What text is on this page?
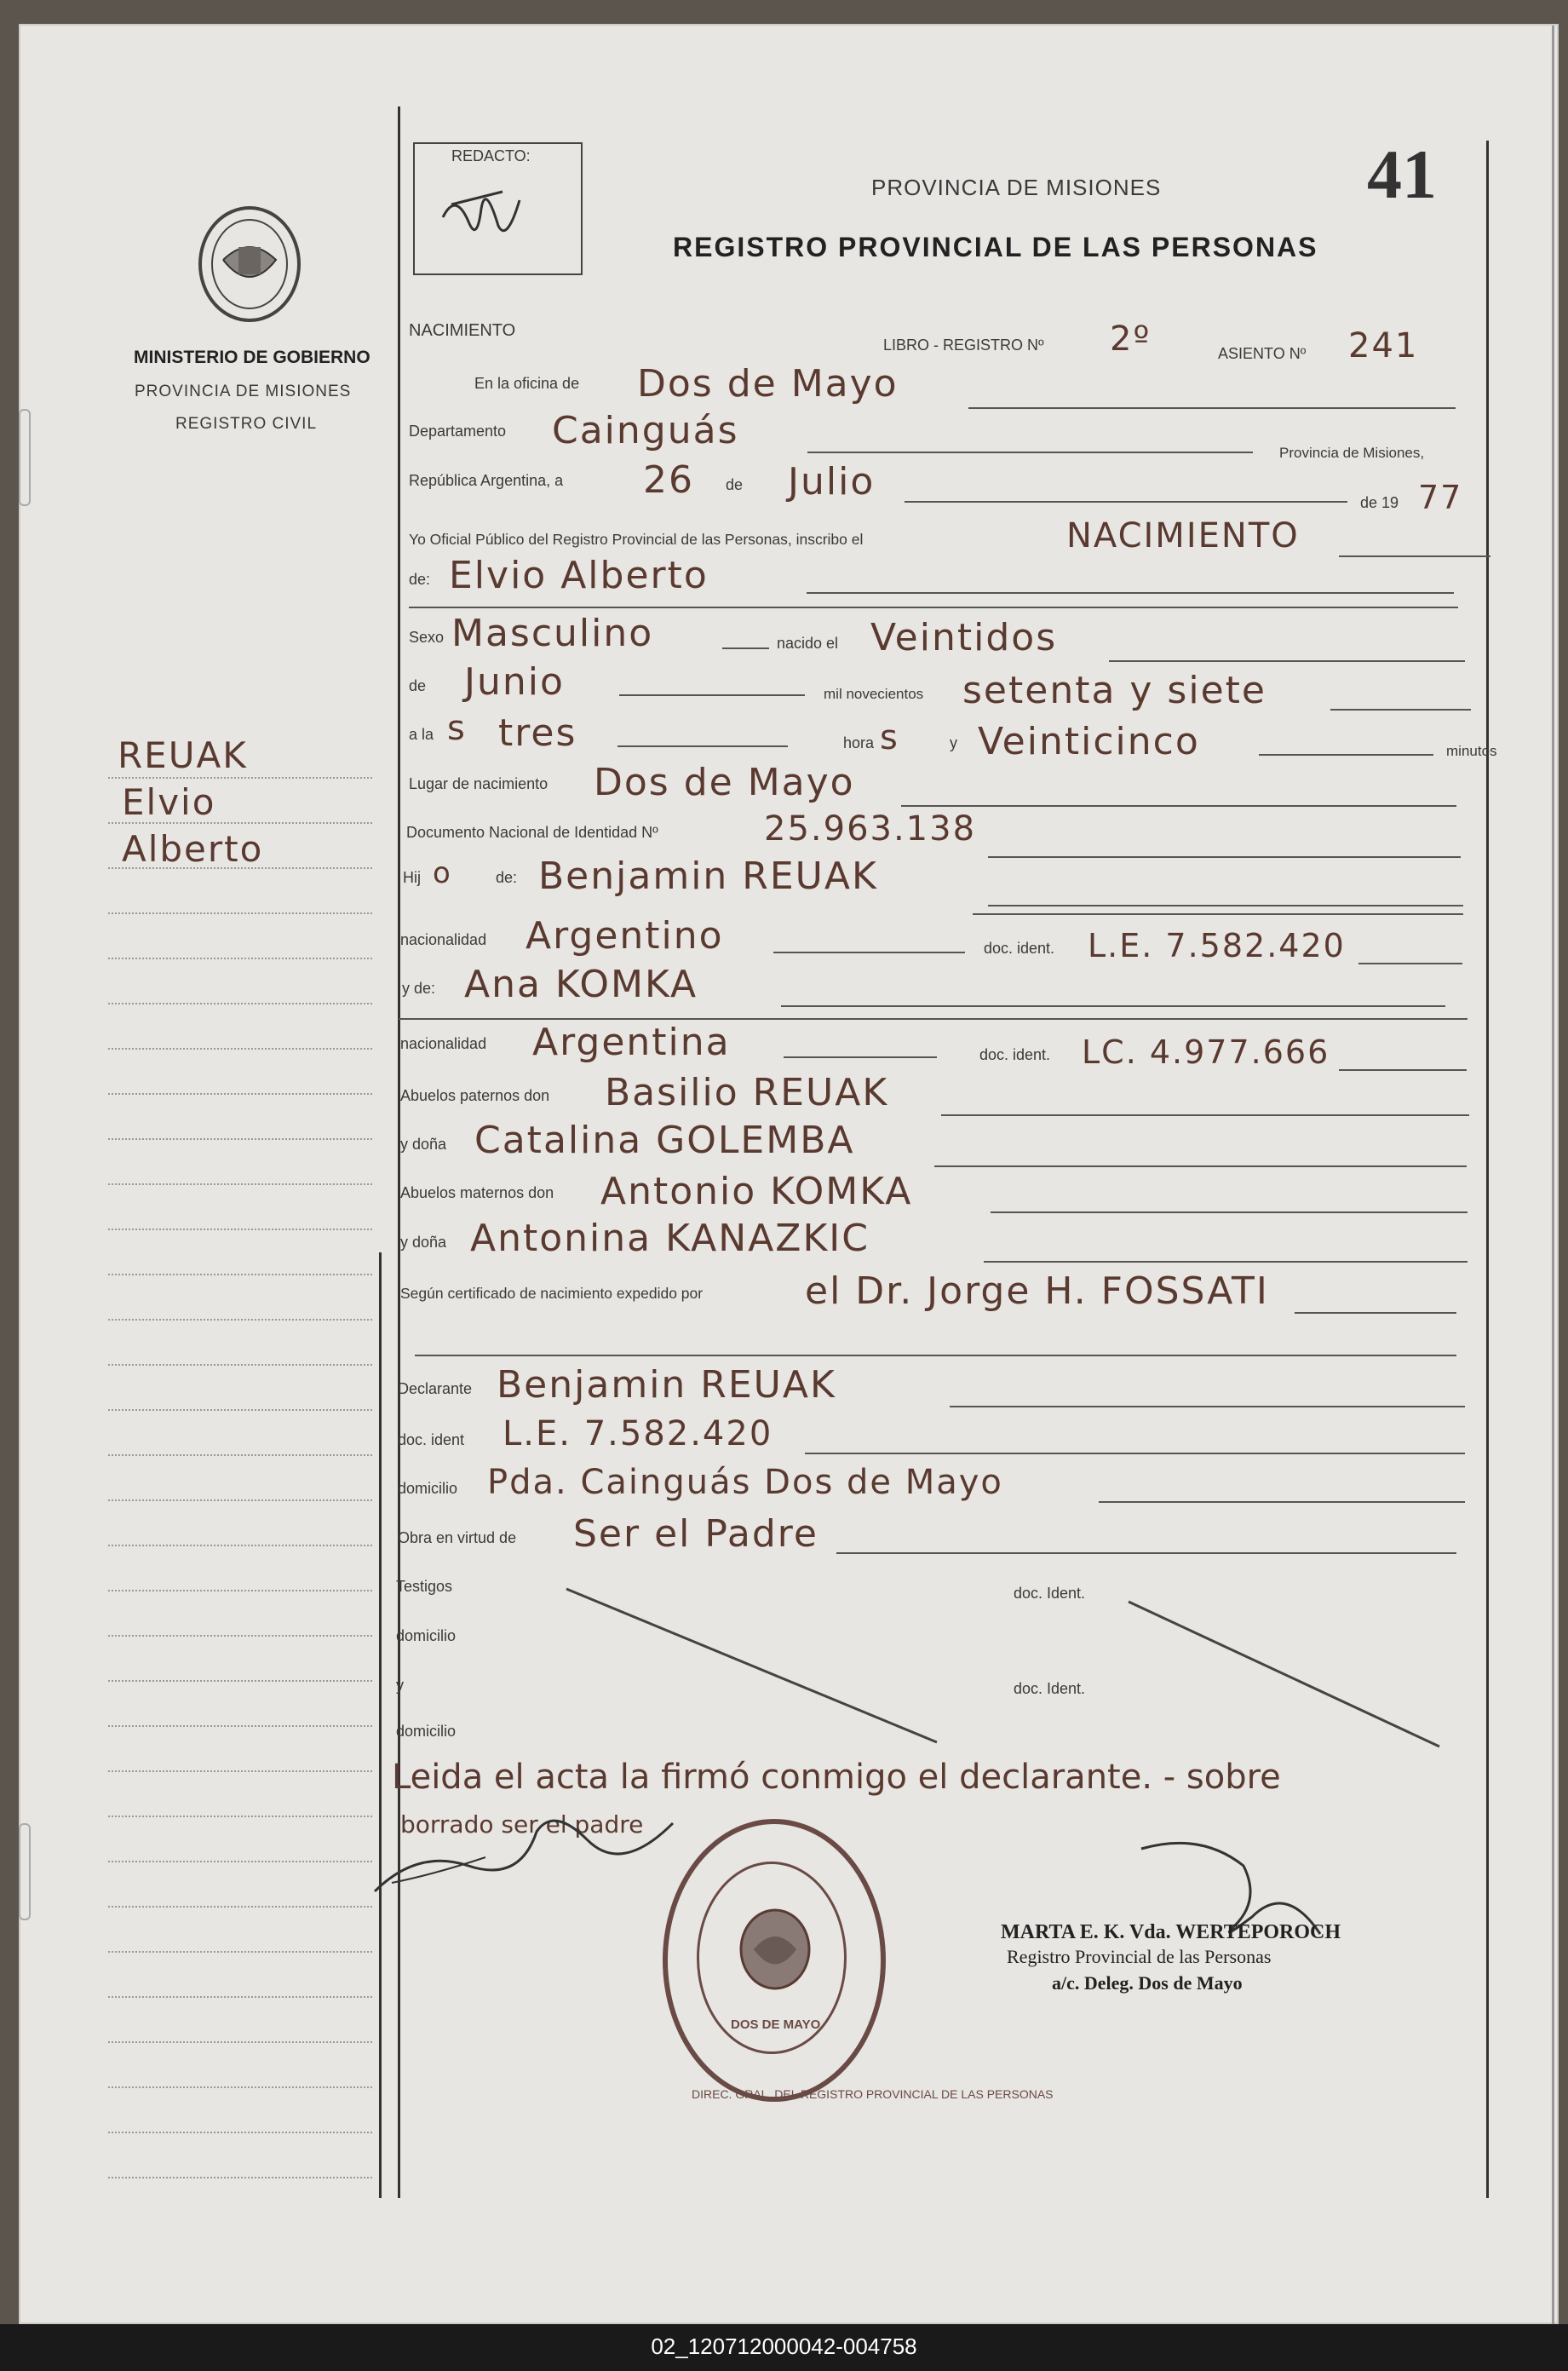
REDACTO:	41
PROVINCIA DE MISIONES
REGISTRO PROVINCIAL DE LAS PERSONAS
MINISTERIO DE GOBIERNO
PROVINCIA DE MISIONES
REGISTRO CIVIL
REUAK
Elvio
Alberto
NACIMIENTO
LIBRO - REGISTRO Nº 2º	ASIENTO Nº 241
En la oficina de Dos de Mayo
Departamento Cainguás
Provincia de Misiones,
República Argentina, a 26 de Julio	de 19 77
Yo Oficial Público del Registro Provincial de las Personas, inscribo el	NACIMIENTO
de: Elvio Alberto
Sexo Masculino	nacido el Veintidos
de Junio	mil novecientos setenta y siete
a la s tres	hora s	y Veinticinco	minutos
Lugar de nacimiento Dos de Mayo
Documento Nacional de Identidad Nº	25.963.138
Hij o	de: Benjamin REUAK
nacionalidad Argentino	doc. ident. L.E. 7.582.420
y de: Ana KOMKA
nacionalidad Argentina	doc. ident. LC. 4.977.666
Abuelos paternos don Basilio REUAK
y doña Catalina GOLEMBA
Abuelos maternos don Antonio KOMKA
y doña Antonina KANAZKIC
Según certificado de nacimiento expedido por	el Dr. Jorge H. FOSSATI
Declarante Benjamin REUAK
doc. ident L.E. 7.582.420
domicilio Pda. Cainguás Dos de Mayo
Obra en virtud de Ser el Padre
Testigos	doc. Ident.
domicilio
y	doc. Ident.
domicilio
Leida el acta la firmó conmigo el declarante. - sobre
borrado ser el padre
DIREC. GRAL. DEL REGISTRO PROVINCIAL DE LAS PERSONAS
DOS DE MAYO
MARTA E. K. Vda. WERTEPOROCH
Registro Provincial de las Personas
a/c. Deleg. Dos de Mayo
02_120712000042-004758
